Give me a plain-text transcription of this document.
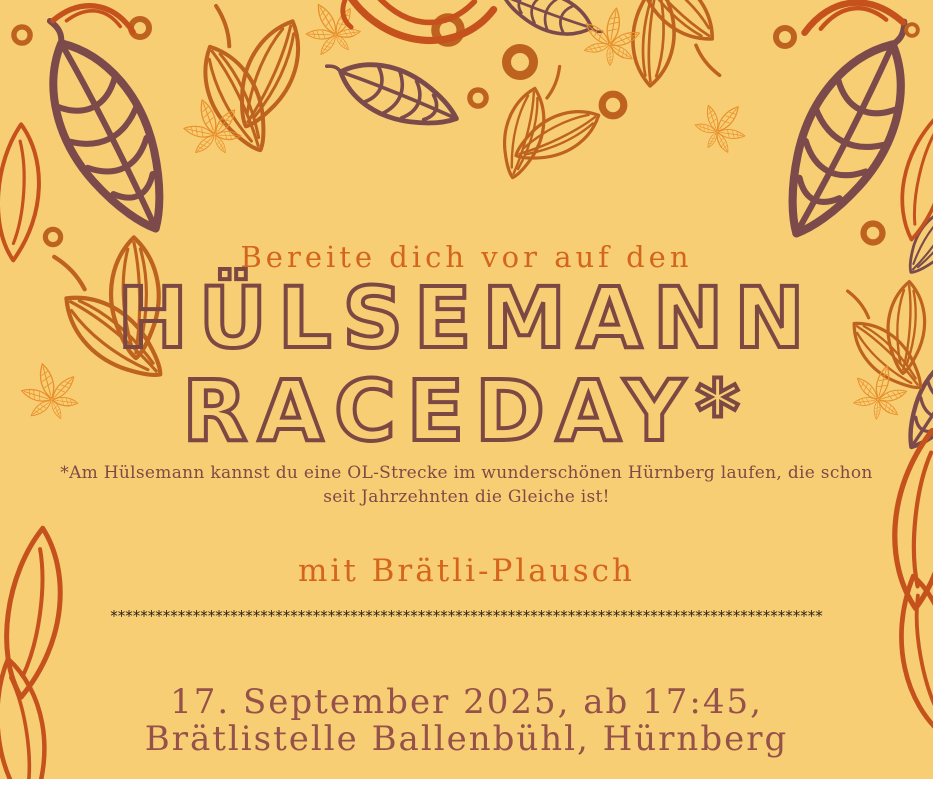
Bereite dich vor auf den
HÜLSEMANN
RACEDAY*
*Am Hülsemann kannst du eine OL-Strecke im wunderschönen Hürnberg laufen, die schon
seit Jahrzehnten die Gleiche ist!
mit Brätli-Plausch
***********************************************************************************************
17. September 2025, ab 17:45,
Brätlistelle Ballenbühl, Hürnberg
